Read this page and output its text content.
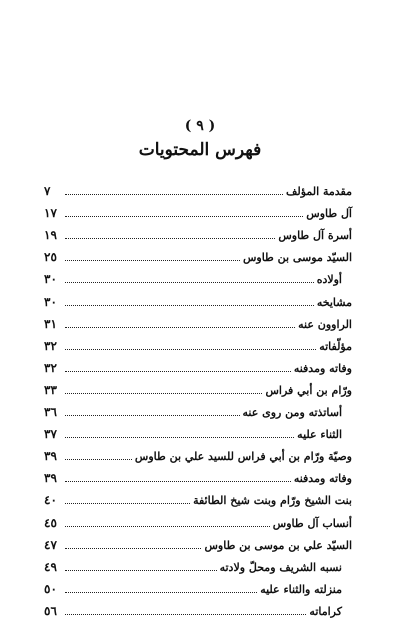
( ٩ )
فهرس المحتويات
مقدمة المؤلف
٧
آل طاوس
١٧
أسرة آل طاوس
١٩
السيّد موسى بن طاوس
٢٥
أولاده
٣٠
مشايخه
٣٠
الراوون عنه
٣١
مؤلّفاته
٣٢
وفاته ومدفنه
٣٢
ورّام بن أبي فراس
٣٣
أساتذته ومن روى عنه
٣٦
الثناء عليه
٣٧
وصيّة ورّام بن أبي فراس للسيد علي بن طاوس
٣٩
وفاته ومدفنه
٣٩
بنت الشيخ ورّام وبنت شيخ الطائفة
٤٠
أنساب آل طاوس
٤٥
السيّد علي بن موسى بن طاوس
٤٧
نسبه الشريف ومحلّ ولادته
٤٩
منزلته والثناء عليه
٥٠
كراماته
٥٦
